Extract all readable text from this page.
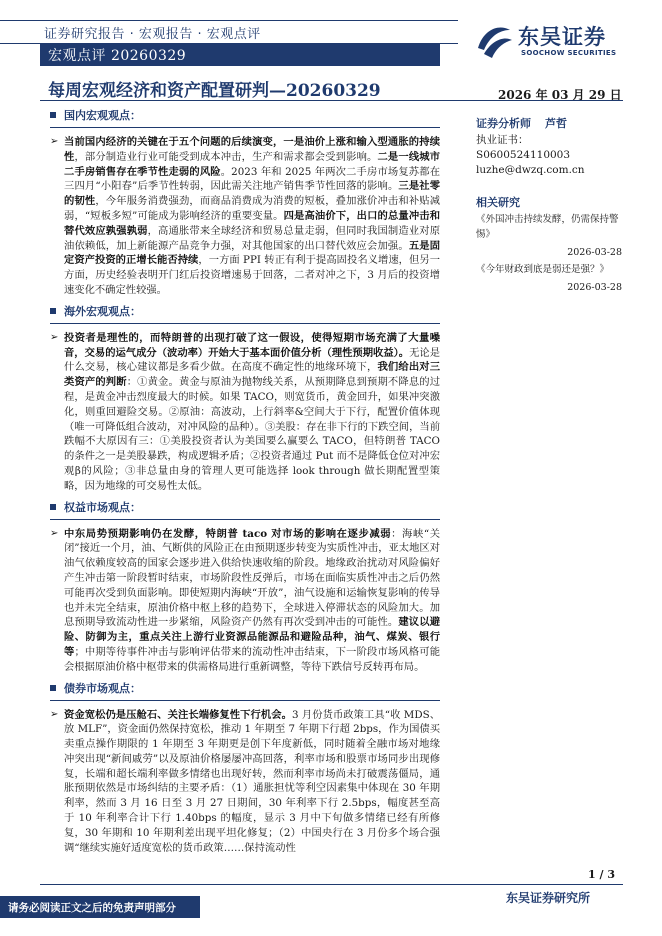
证券研究报告 · 宏观报告 · 宏观点评
宏观点评 20260329
东吴证券
SOOCHOW SECURITIES
每周宏观经济和资产配置研判—20260329	2026 年 03 月 29 日
国内宏观观点：
➢ 当前国内经济的关键在于五个问题的后续演变，一是油价上涨和输入型通胀的持续性，部分制造业行业可能受到成本冲击，生产和需求都会受到影响。二是一线城市二手房销售存在季节性走弱的风险。2023 年和 2025 年两次二手房市场复苏都在三四月“小阳春”后季节性转弱，因此需关注地产销售季节性回落的影响。三是社零的韧性，今年服务消费强劲，而商品消费成为消费的短板，叠加涨价冲击和补贴减弱，“短板多短”可能成为影响经济的重要变量。四是高油价下，出口的总量冲击和替代效应孰强孰弱，高通胀带来全球经济和贸易总量走弱，但同时我国制造业对原油依赖低，加上新能源产品竞争力强，对其他国家的出口替代效应会加强。五是固定资产投资的正增长能否持续，一方面 PPI 转正有利于提高固投名义增速，但另一方面，历史经验表明开门红后投资增速易于回落，二者对冲之下，3 月后的投资增速变化不确定性较强。
海外宏观观点：
➢ 投资者是理性的，而特朗普的出现打破了这一假设，使得短期市场充满了大量噪音，交易的运气成分（波动率）开始大于基本面价值分析（理性预期收益）。无论是什么交易，核心建议都是多看少做。在高度不确定性的地缘环境下，我们给出对三类资产的判断：①黄金。黄金与原油为抛物线关系，从预期降息到预期不降息的过程，是黄金冲击烈度最大的时候。如果 TACO，则宽货币，黄金回升，如果冲突激化，则重回避险交易。②原油：高波动，上行斜率&空间大于下行，配置价值体现（唯一可降低组合波动，对冲风险的品种）。③美股：存在非下行的下跌空间，当前跌幅不大原因有三：①美股投资者认为美国要么赢要么 TACO，但特朗普 TACO 的条件之一是美股暴跌，构成逻辑矛盾；②投资者通过 Put 而不是降低仓位对冲宏观β的风险；③非总量由身的管理人更可能选择 look through 做长期配置型策略，因为地缘的可交易性太低。
权益市场观点：
➢ 中东局势预期影响仍在发酵，特朗普 taco 对市场的影响在逐步减弱：海峡“关闭”接近一个月，油、气断供的风险正在由预期逐步转变为实质性冲击，亚太地区对油气依赖度较高的国家会逐步进入供给快速收缩的阶段。地缘政治扰动对风险偏好产生冲击第一阶段暂时结束，市场阶段性反弹后，市场在面临实质性冲击之后仍然可能再次受到负面影响。即使短期内海峡“开放”，油气设施和运输恢复影响的传导也并未完全结束，原油价格中枢上移的趋势下，全球进入停滞状态的风险加大。加息预期导致流动性进一步紧缩，风险资产仍然有再次受到冲击的可能性。建议以避险、防御为主，重点关注上游行业资源品能源品和避险品种，油气、煤炭、银行等；中期等待事件冲击与影响评估带来的流动性冲击结束，下一阶段市场风格可能会根据原油价格中枢带来的供需格局进行重新调整，等待下跌信号反转再布局。
债券市场观点：
➢ 资金宽松仍是压舱石、关注长端修复性下行机会。3 月份货币政策工具“收 MDS、放 MLF”，资金面仍然保持宽松，推动 1 年期至 7 年期下行超 2bps，作为国债买卖重点操作期限的 1 年期至 3 年期更是创下年度新低，同时随着全融市场对地缘冲突出现“新间戚劳”以及原油价格屡屡冲高回落，利率市场和股票市场同步出现修复，长端和超长端利率做多情绪也出现好转，然而利率市场尚未打破震荡僵局，通胀预期依然是市场纠结的主要矛盾：（1）通胀担忧等利空因素集中体现在 30 年期利率，然而 3 月 16 日至 3 月 27 日期间，30 年利率下行 2.5bps，幅度甚至高于 10 年利率合计下行 1.40bps 的幅度，显示 3 月中下旬做多情绪已经有所修复，30 年期和 10 年期利差出现平坦化修复；（2）中国央行在 3 月份多个场合强调“继续实施好适度宽松的货币政策……保持流动性
证券分析师 芦哲
执业证书：S0600524110003
luzhe@dwzq.com.cn
相关研究
《外国冲击持续发酵，仍需保持警惕》
2026-03-28
《今年财政到底是弱还是强？》
2026-03-28
1 / 3
东吴证券研究所
请务必阅读正文之后的免责声明部分
